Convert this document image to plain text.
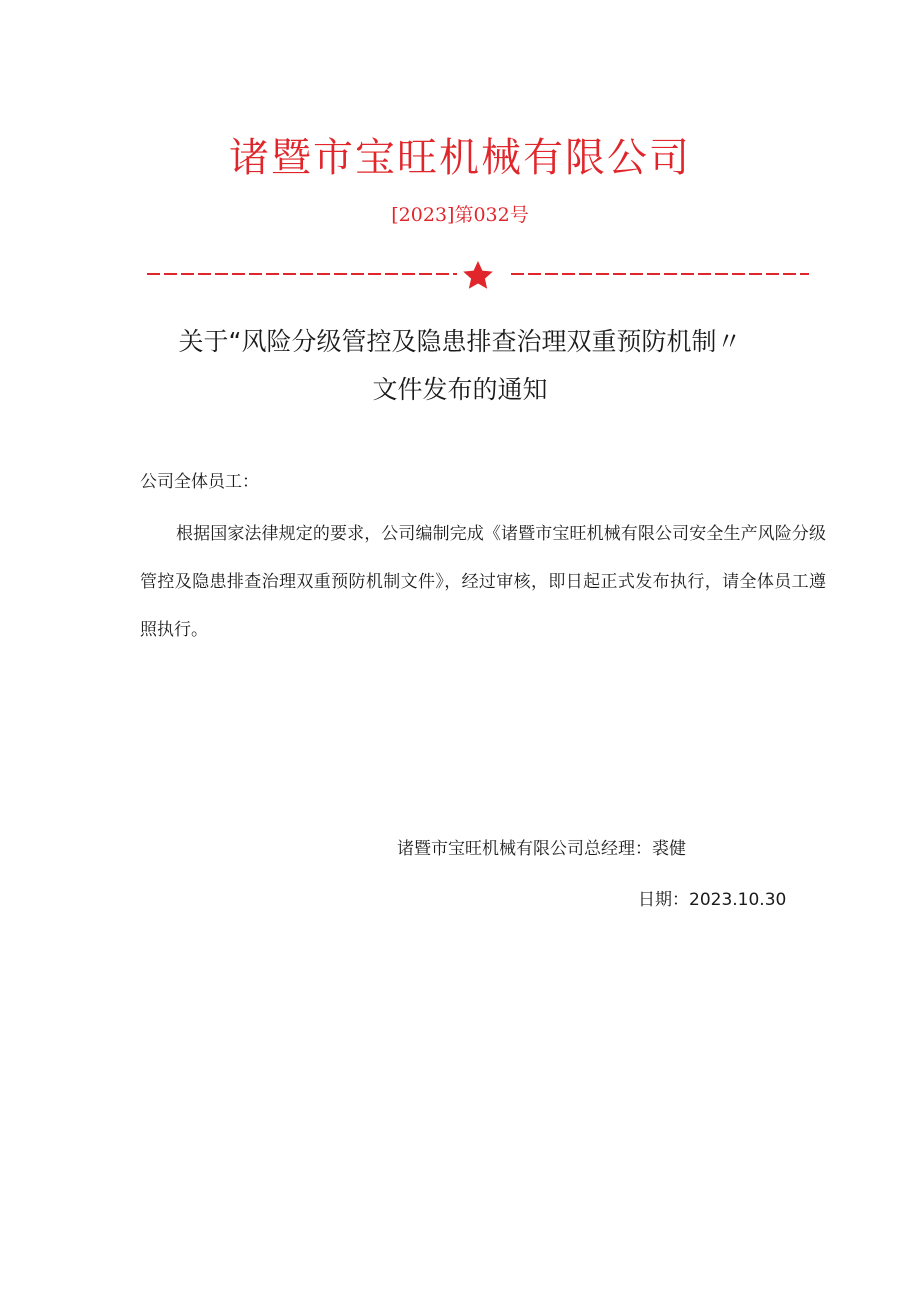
诸暨市宝旺机械有限公司
[2023]第032号
关于“风险分级管控及隐患排查治理双重预防机制〃
文件发布的通知
公司全体员工：
根据国家法律规定的要求，公司编制完成《诸暨市宝旺机械有限公司安全生产风险分级管控及隐患排查治理双重预防机制文件》，经过审核，即日起正式发布执行，请全体员工遵照执行。
诸暨市宝旺机械有限公司总经理：裘健
日期：2023.10.30
